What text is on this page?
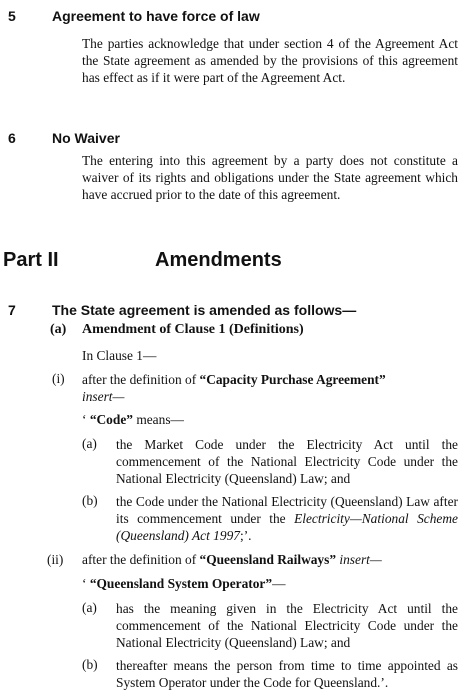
5	Agreement to have force of law
The parties acknowledge that under section 4 of the Agreement Act the State agreement as amended by the provisions of this agreement has effect as if it were part of the Agreement Act.
6	No Waiver
The entering into this agreement by a party does not constitute a waiver of its rights and obligations under the State agreement which have accrued prior to the date of this agreement.
Part II	Amendments
7	The State agreement is amended as follows—
(a) Amendment of Clause 1 (Definitions)
In Clause 1—
(i) after the definition of “Capacity Purchase Agreement”
insert—
‘ “Code” means—
(a) the Market Code under the Electricity Act until the commencement of the National Electricity Code under the National Electricity (Queensland) Law; and
(b) the Code under the National Electricity (Queensland) Law after its commencement under the Electricity—National Scheme (Queensland) Act 1997;’.
(ii) after the definition of “Queensland Railways” insert—
‘ “Queensland System Operator”—
(a) has the meaning given in the Electricity Act until the commencement of the National Electricity Code under the National Electricity (Queensland) Law; and
(b) thereafter means the person from time to time appointed as System Operator under the Code for Queensland.’.
